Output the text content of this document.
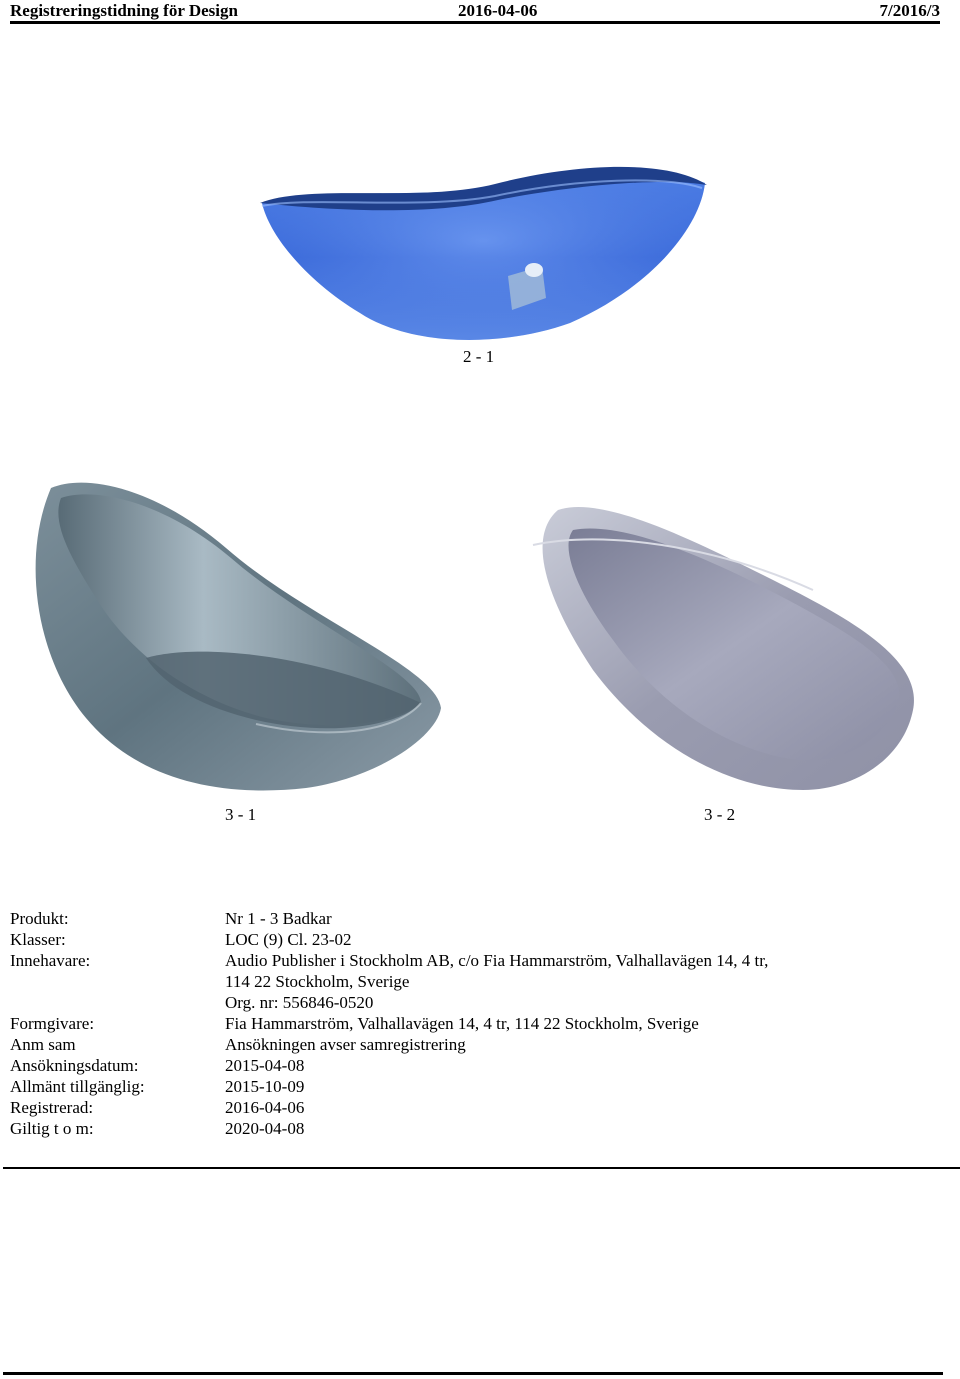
Registreringstidning för Design	2016-04-06	7/2016/3
2 - 1
3 - 1	3 - 2
Produkt:	Nr 1 - 3 Badkar
Klasser:	LOC (9) Cl. 23-02
Innehavare:	Audio Publisher i Stockholm AB, c/o Fia Hammarström, Valhallavägen 14, 4 tr,
114 22 Stockholm, Sverige
Org. nr: 556846-0520
Formgivare:	Fia Hammarström, Valhallavägen 14, 4 tr, 114 22 Stockholm, Sverige
Anm sam	Ansökningen avser samregistrering
Ansökningsdatum:	2015-04-08
Allmänt tillgänglig:	2015-10-09
Registrerad:	2016-04-06
Giltig t o m:	2020-04-08
